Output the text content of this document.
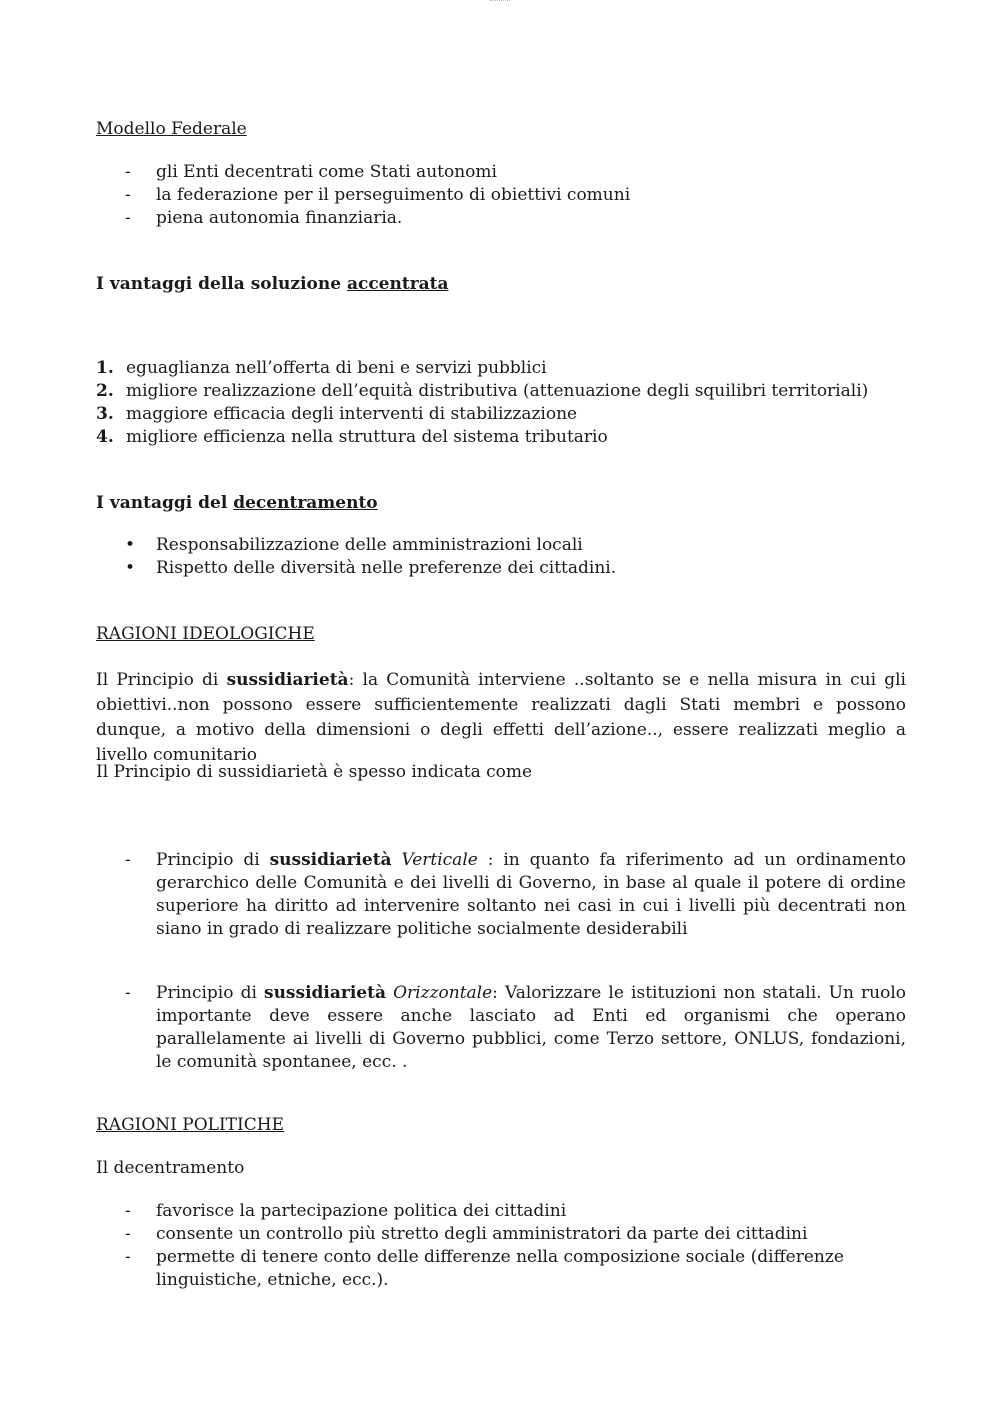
Modello Federale

- gli Enti decentrati come Stati autonomi
- la federazione per il perseguimento di obiettivi comuni
- piena autonomia finanziaria.

I vantaggi della soluzione accentrata

1. eguaglianza nell’offerta di beni e servizi pubblici
2. migliore realizzazione dell’equità distributiva (attenuazione degli squilibri territoriali)
3. maggiore efficacia degli interventi di stabilizzazione
4. migliore efficienza nella struttura del sistema tributario

I vantaggi del decentramento

• Responsabilizzazione delle amministrazioni locali
• Rispetto delle diversità nelle preferenze dei cittadini.

RAGIONI IDEOLOGICHE

Il Principio di sussidiarietà: la Comunità interviene ..soltanto se e nella misura in cui gli obiettivi..non possono essere sufficientemente realizzati dagli Stati membri e possono dunque, a motivo della dimensioni o degli effetti dell’azione.., essere realizzati meglio a livello comunitario

Il Principio di sussidiarietà è spesso indicata come

- Principio di sussidiarietà Verticale : in quanto fa riferimento ad un ordinamento gerarchico delle Comunità e dei livelli di Governo, in base al quale il potere di ordine superiore ha diritto ad intervenire soltanto nei casi in cui i livelli più decentrati non siano in grado di realizzare politiche socialmente desiderabili
- Principio di sussidiarietà Orizzontale: Valorizzare le istituzioni non statali. Un ruolo importante deve essere anche lasciato ad Enti ed organismi che operano parallelamente ai livelli di Governo pubblici, come Terzo settore, ONLUS, fondazioni, le comunità spontanee, ecc. .

RAGIONI POLITICHE

Il decentramento

- favorisce la partecipazione politica dei cittadini
- consente un controllo più stretto degli amministratori da parte dei cittadini
- permette di tenere conto delle differenze nella composizione sociale (differenze linguistiche, etniche, ecc.).
